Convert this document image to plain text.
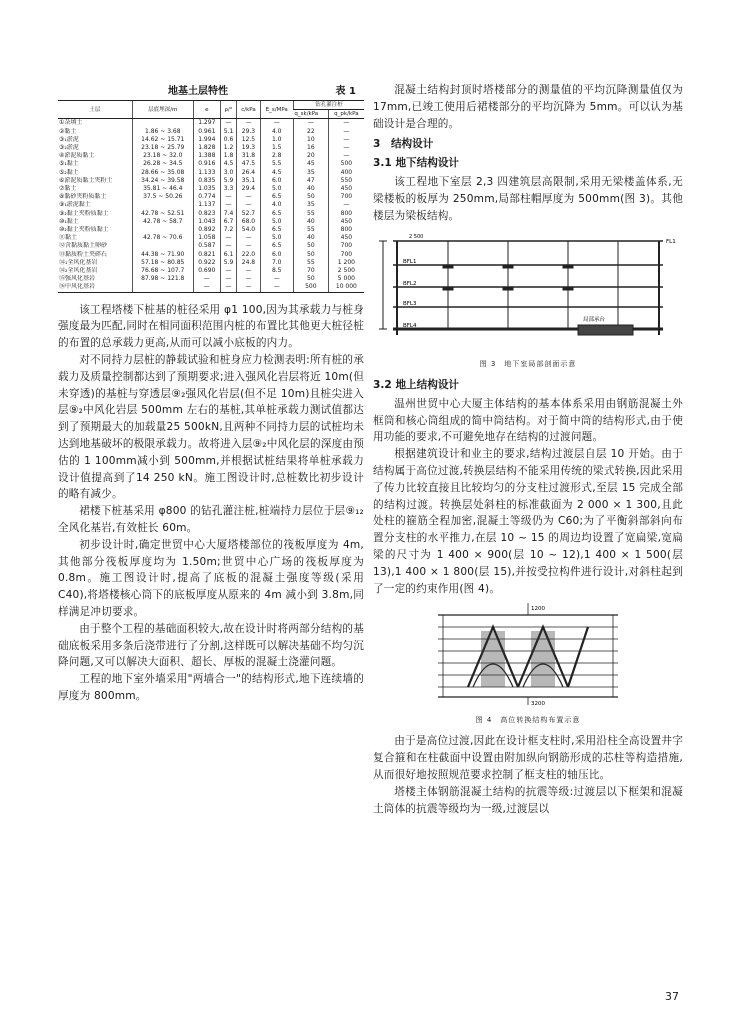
地基土层特性	表 1
土层	层底埋深/m	e	ρ/°	c/kPa	E_s/MPa	钻孔灌注桩	
						q_sk/kPa	q_pk/kPa
①杂填土		1.297	—	—	—	—	—
②黏土	1.86 ~ 3.68	0.961	5.1	29.3	4.0	22	—
③₁淤泥	14.62 ~ 15.71	1.994	0.6	12.5	1.0	10	—
③₂淤泥	23.18 ~ 25.79	1.828	1.2	19.3	1.5	16	—
④淤泥质黏土	23.18 ~ 32.0	1.388	1.8	31.8	2.8	20	—
⑤₁黏土	26.28 ~ 34.5	0.916	4.5	47.5	5.5	45	500
⑤₂黏土	28.66 ~ 35.08	1.133	3.0	26.4	4.5	35	400
⑥淤泥质黏土夹粉土	34.24 ~ 39.58	0.835	5.9	35.1	6.0	47	550
⑦黏土	35.81 ~ 46.4	1.035	3.3	29.4	5.0	40	450
⑧黏砂夹粉质黏土	37.5 ~ 50.26	0.774	—	—	6.5	50	700
⑨₁淤泥黏土		1.137	—	—	4.0	35	—
⑨₂黏土夹粉质黏土	42.78 ~ 52.51	0.823	7.4	52.7	6.5	55	800
⑩₁黏土	42.78 ~ 58.7	1.043	6.7	68.0	5.0	40	450
⑩₂黏土夹粉质黏土		0.892	7.2	54.0	6.5	55	800
⑪黏土	42.78 ~ 70.6	1.058	—	—	5.0	40	450
⑫含黏质黏土卵砂		0.587	—	—	6.5	50	700
⑬黏质粉土夹碎石	44.38 ~ 71.90	0.821	6.1	22.0	6.0	50	700
⑭₁全风化基岩	57.18 ~ 80.85	0.922	5.9	24.8	7.0	55	1 200
⑭₂全风化基岩	76.68 ~ 107.7	0.690	—	—	8.5	70	2 500
⑮强风化基岩	87.98 ~ 121.8	—	—	—	—	50	5 000
⑯中风化基岩		—	—	—	—	500	10 000

该工程塔楼下桩基的桩径采用 φ1 100,因为其承载力与桩身强度最为匹配,同时在相同面积范围内桩的布置比其他更大桩径桩的布置的总承载力更高,从而可以减小底板的内力。

对不同持力层桩的静载试验和桩身应力检测表明:所有桩的承载力及质量控制都达到了预期要求;进入强风化岩层将近 10m(但未穿透)的基桩与穿透层⑨₂强风化岩层(但不足 10m)且桩尖进入层⑨₂中风化岩层 500mm 左右的基桩,其单桩承载力测试值都达到了预期最大的加载量25 500kN,且两种不同持力层的试桩均未达到地基破坏的极限承载力。故将进入层⑨₂中风化层的深度由预估的 1 100mm减小到 500mm,并根据试桩结果将单桩承载力设计值提高到了14 250 kN。施工图设计时,总桩数比初步设计的略有减少。

裙楼下桩基采用 φ800 的钻孔灌注桩,桩端持力层位于层⑨₁₂全风化基岩,有效桩长 60m。

初步设计时,确定世贸中心大厦塔楼部位的筏板厚度为 4m,其他部分筏板厚度均为 1.50m;世贸中心广场的筏板厚度为 0.8m。施工图设计时,提高了底板的混凝土强度等级(采用 C40),将塔楼核心筒下的底板厚度从原来的 4m 减小到 3.8m,同样满足冲切要求。

由于整个工程的基础面积较大,故在设计时将两部分结构的基础底板采用多条后浇带进行了分割,这样既可以解决基础不均匀沉降问题,又可以解决大面积、超长、厚板的混凝土浇灌问题。

工程的地下室外墙采用"两墙合一"的结构形式,地下连续墙的厚度为 800mm。

混凝土结构封顶时塔楼部分的测量值的平均沉降测量值仅为 17mm,已竣工使用后裙楼部分的平均沉降为 5mm。可以认为基础设计是合理的。

3　结构设计
3.1 地下结构设计

该工程地下室层 2,3 四建筑层高限制,采用无梁楼盖体系,无梁楼板的板厚为 250mm,局部柱帽厚度为 500mm(图 3)。其他楼层为梁板结构。

FL1
BFL1
BFL2
BFL3
BFL4
局部承台
2 500
图 3　地下室局部剖面示意
3.2 地上结构设计

温州世贸中心大厦主体结构的基本体系采用由钢筋混凝土外框筒和核心筒组成的简中筒结构。对于简中筒的结构形式,由于使用功能的要求,不可避免地存在结构的过渡问题。

根据建筑设计和业主的要求,结构过渡层自层 10 开始。由于结构属于高位过渡,转换层结构不能采用传统的梁式转换,因此采用了传力比较直接且比较均匀的分支柱过渡形式,至层 15 完成全部的结构过渡。转换层处斜柱的标准截面为 2 000 × 1 300,且此处柱的箍筋全程加密,混凝土等级仍为 C60;为了平衡斜部斜向布置分支柱的水平推力,在层 10 ~ 15 的周边均设置了宽扁梁,宽扁梁的尺寸为 1 400 × 900(层 10 ~ 12),1 400 × 1 500(层 13),1 400 × 1 800(层 15),并按受拉构件进行设计,对斜柱起到了一定的约束作用(图 4)。

1200
3200
图 4　高位转换结构布置示意

由于是高位过渡,因此在设计框支柱时,采用沿柱全高设置井字复合箍和在柱截面中设置由附加纵向钢筋形成的芯柱等构造措施,从而很好地按照规范要求控制了框支柱的轴压比。

塔楼主体钢筋混凝土结构的抗震等级:过渡层以下框架和混凝土筒体的抗震等级均为一级,过渡层以

37
